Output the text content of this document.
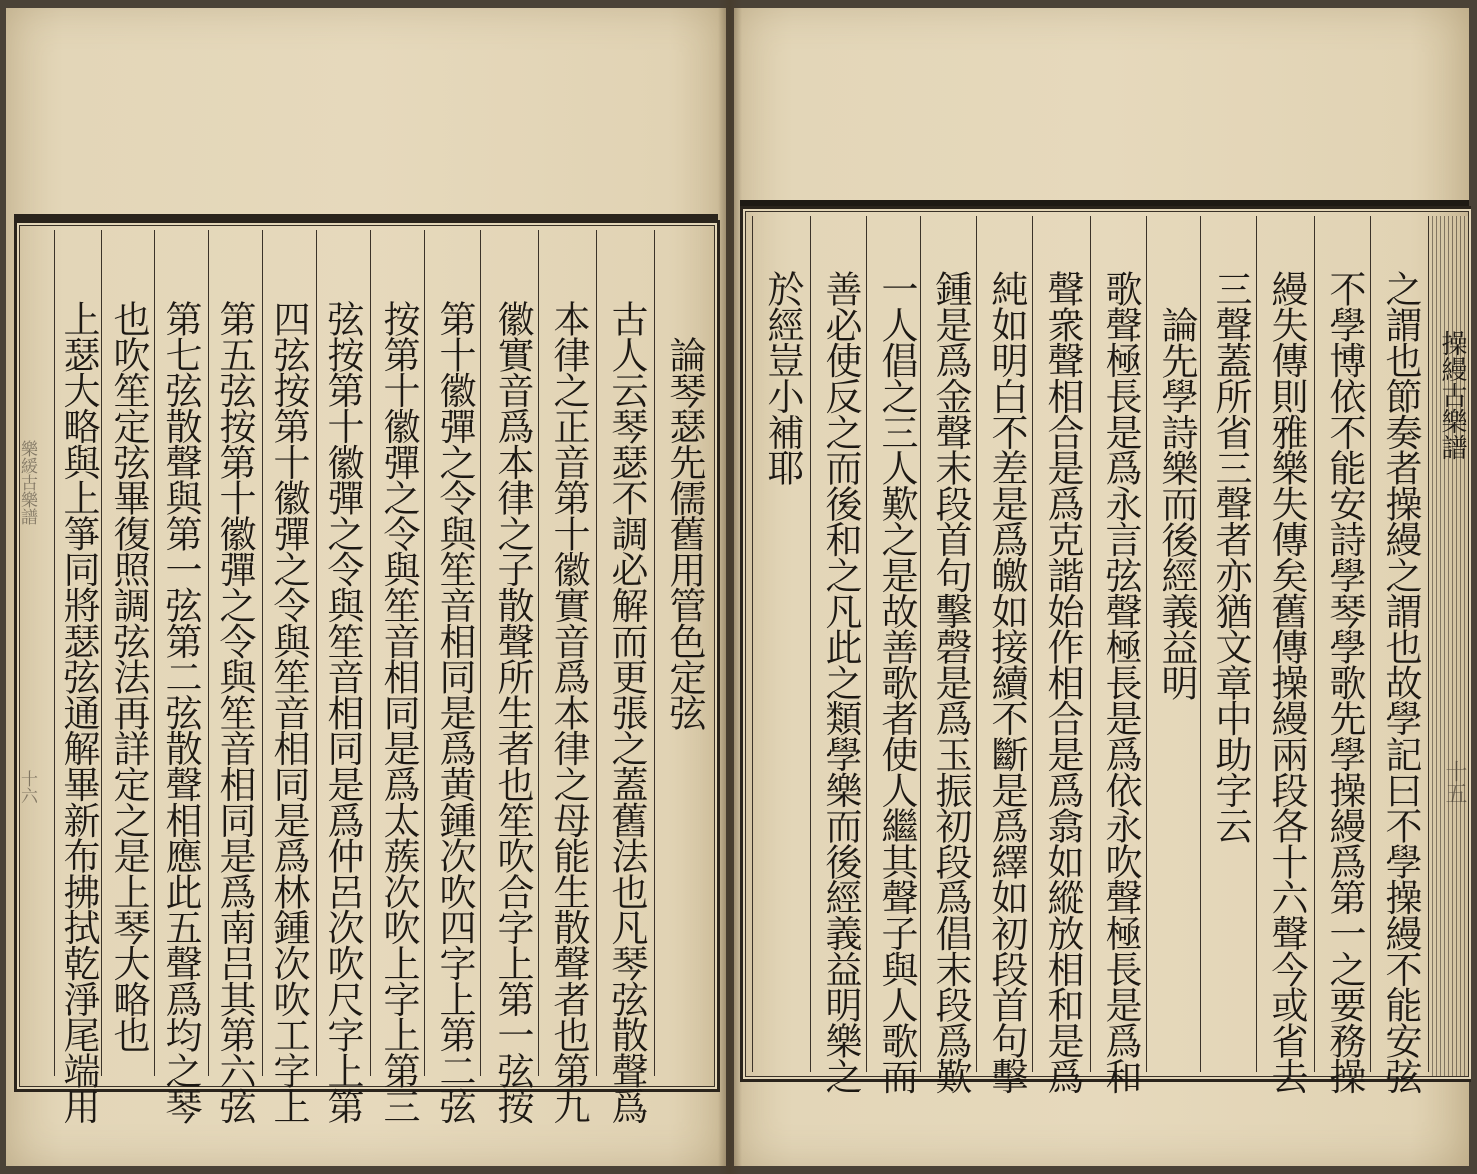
樂緩古樂譜
十六
論琴瑟先儒舊用管色定弦
古人云琴瑟不調必解而更張之蓋舊法也凡琴弦散聲爲
本律之正音第十徽實音爲本律之母能生散聲者也第九
徽實音爲本律之子散聲所生者也笙吹合字上第一弦按
第十徽彈之令與笙音相同是爲黄鍾次吹四字上第二弦
按第十徽彈之令與笙音相同是爲太蔟次吹上字上第三
弦按第十徽彈之令與笙音相同是爲仲呂次吹尺字上第
四弦按第十徽彈之令與笙音相同是爲林鍾次吹工字上
第五弦按第十徽彈之令與笙音相同是爲南吕其第六弦
第七弦散聲與第一弦第二弦散聲相應此五聲爲均之琴
也吹笙定弦畢復照調弦法再詳定之是上琴大略也
上瑟大略與上箏同將瑟弦通解畢新布拂拭乾淨尾端用	之謂也節奏者操縵之謂也故學記曰不學操縵不能安弦
不學博依不能安詩學琴學歌先學操縵爲第一之要務操
縵失傳則雅樂失傳矣舊傳操縵兩段各十六聲今或省去
三聲蓋所省三聲者亦猶文章中助字云
論先學詩樂而後經義益明
歌聲極長是爲永言弦聲極長是爲依永吹聲極長是爲和
聲衆聲相合是爲克諧始作相合是爲翕如縱放相和是爲
純如明白不差是爲皦如接續不斷是爲繹如初段首句擊
鍾是爲金聲末段首句擊磬是爲玉振初段爲倡末段爲歎
一人倡之三人歎之是故善歌者使人繼其聲子與人歌而
善必使反之而後和之凡此之類學樂而後經義益明樂之
於經豈小補耶	操縵古樂譜
十五
